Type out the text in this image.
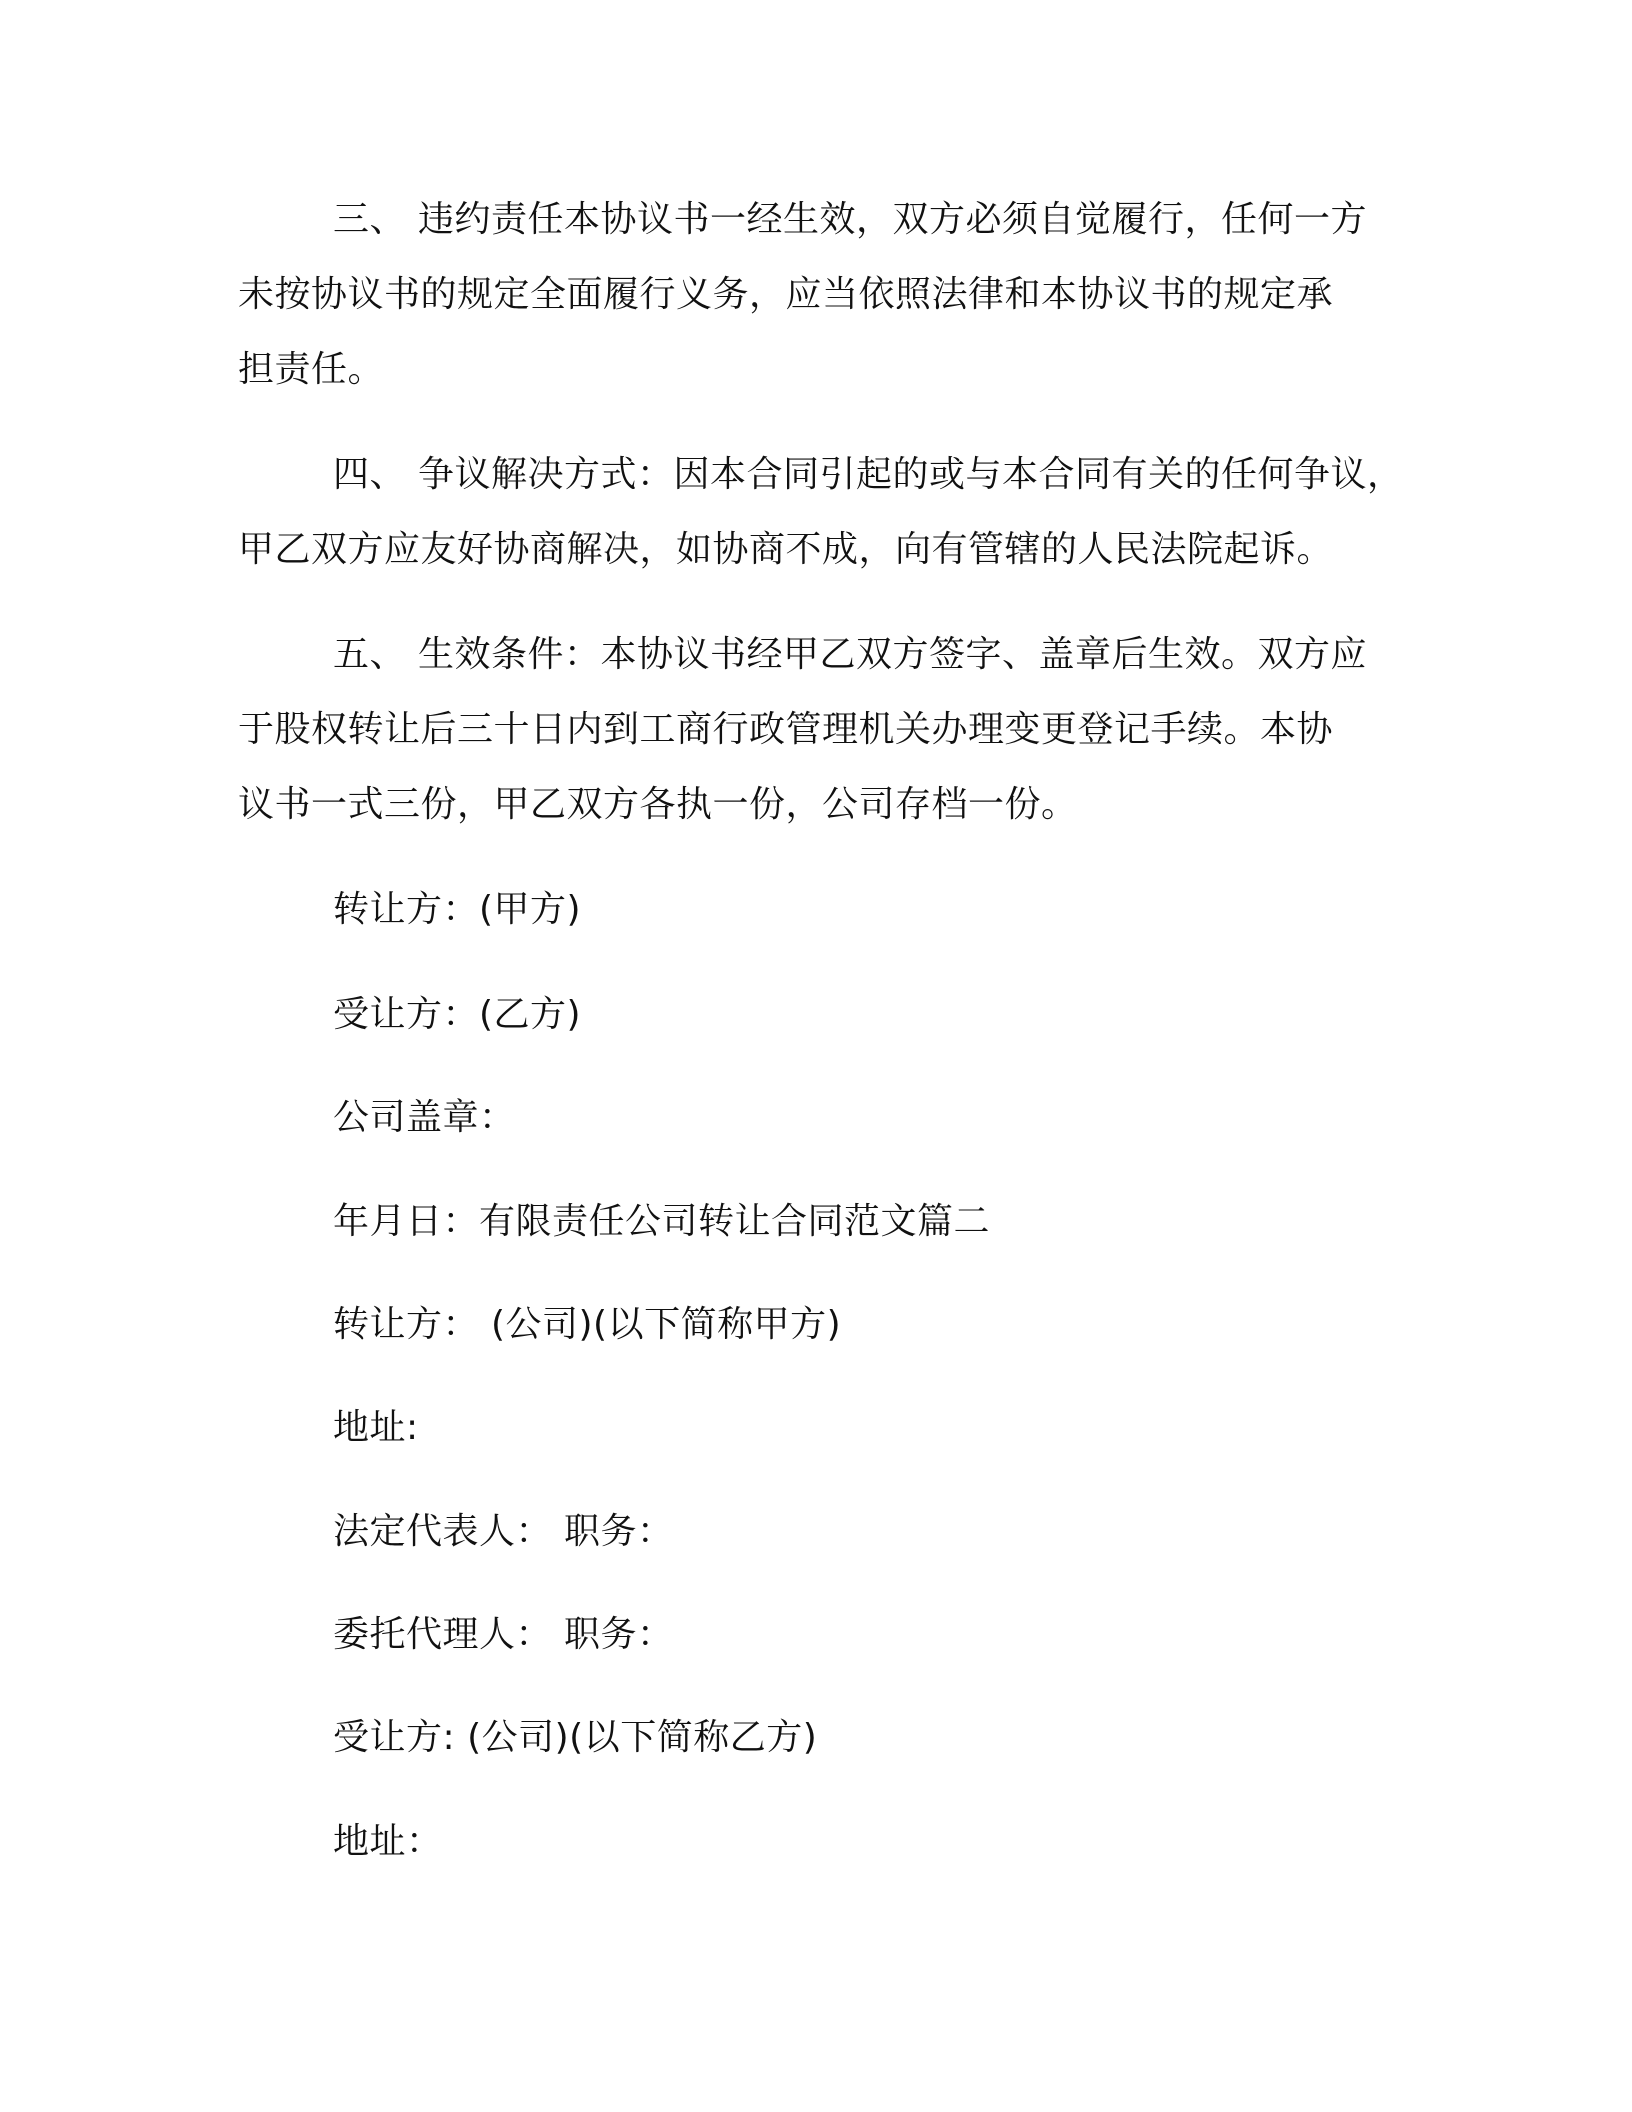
三、 违约责任本协议书一经生效，双方必须自觉履行，任何一方
未按协议书的规定全面履行义务，应当依照法律和本协议书的规定承
担责任。
四、 争议解决方式：因本合同引起的或与本合同有关的任何争议，
甲乙双方应友好协商解决，如协商不成，向有管辖的人民法院起诉。
五、 生效条件：本协议书经甲乙双方签字、盖章后生效。双方应
于股权转让后三十日内到工商行政管理机关办理变更登记手续。本协
议书一式三份，甲乙双方各执一份，公司存档一份。
转让方：(甲方)
受让方：(乙方)
公司盖章：
年月日：有限责任公司转让合同范文篇二
转让方： (公司)(以下简称甲方)
地址:
法定代表人： 职务：
委托代理人： 职务：
受让方: (公司)(以下简称乙方)
地址：
